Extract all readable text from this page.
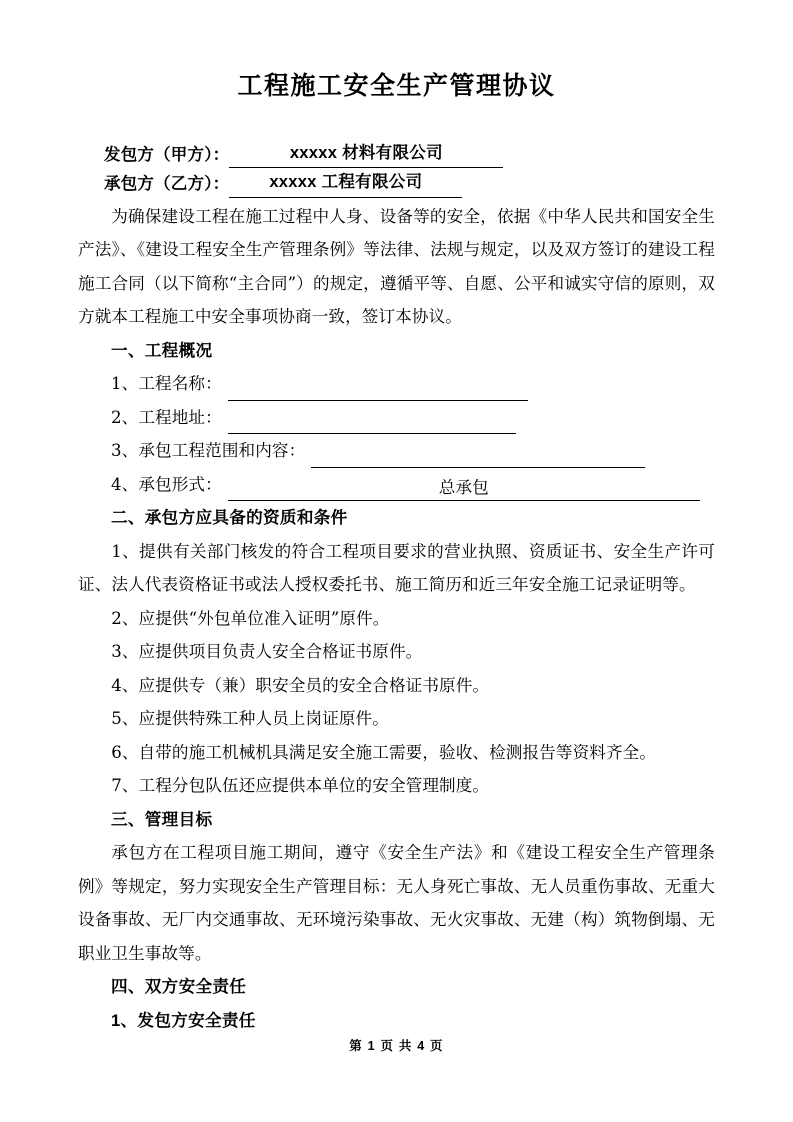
工程施工安全生产管理协议
发包方（甲方）：	xxxxx 材料有限公司
承包方（乙方）：	xxxxx 工程有限公司

为确保建设工程在施工过程中人身、设备等的安全，依据《中华人民共和国安全生产法》、《建设工程安全生产管理条例》等法律、法规与规定，以及双方签订的建设工程施工合同（以下简称“主合同”）的规定，遵循平等、自愿、公平和诚实守信的原则，双方就本工程施工中安全事项协商一致，签订本协议。

一、工程概况
1、工程名称：
2、工程地址：
3、承包工程范围和内容：
4、承包形式：	总承包
二、承包方应具备的资质和条件

1、提供有关部门核发的符合工程项目要求的营业执照、资质证书、安全生产许可证、法人代表资格证书或法人授权委托书、施工简历和近三年安全施工记录证明等。

2、应提供“外包单位准入证明”原件。

3、应提供项目负责人安全合格证书原件。

4、应提供专（兼）职安全员的安全合格证书原件。

5、应提供特殊工种人员上岗证原件。

6、自带的施工机械机具满足安全施工需要，验收、检测报告等资料齐全。

7、工程分包队伍还应提供本单位的安全管理制度。

三、管理目标

承包方在工程项目施工期间，遵守《安全生产法》和《建设工程安全生产管理条例》等规定，努力实现安全生产管理目标：无人身死亡事故、无人员重伤事故、无重大设备事故、无厂内交通事故、无环境污染事故、无火灾事故、无建（构）筑物倒塌、无职业卫生事故等。

四、双方安全责任
1、发包方安全责任
第 1 页 共 4 页
